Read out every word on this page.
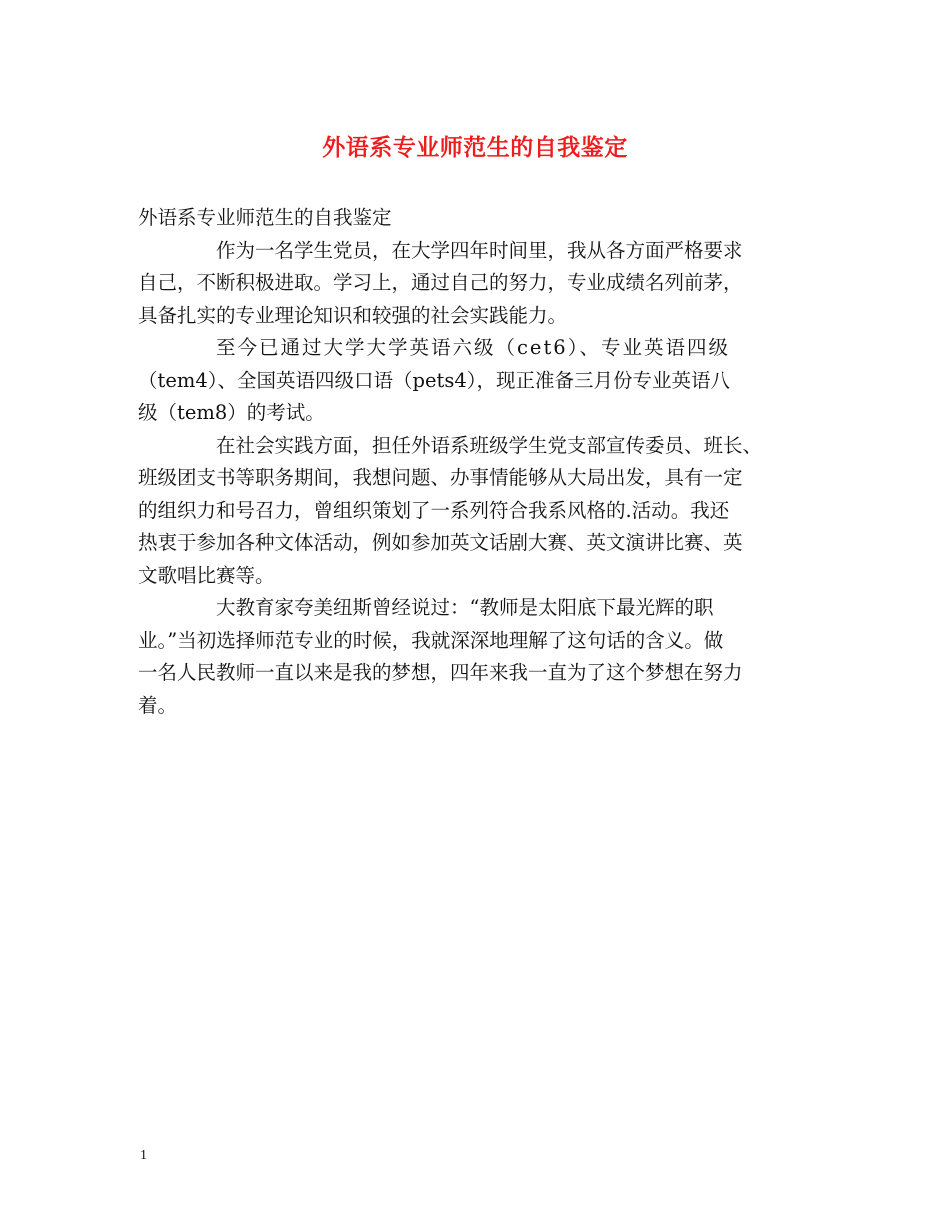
外语系专业师范生的自我鉴定
外语系专业师范生的自我鉴定
作为一名学生党员，在大学四年时间里，我从各方面严格要求
自己，不断积极进取。学习上，通过自己的努力，专业成绩名列前茅，
具备扎实的专业理论知识和较强的社会实践能力。
至今已通过大学大学英语六级（cet6）、专业英语四级
（tem4）、全国英语四级口语（pets4），现正准备三月份专业英语八
级（tem8）的考试。
在社会实践方面，担任外语系班级学生党支部宣传委员、班长、
班级团支书等职务期间，我想问题、办事情能够从大局出发，具有一定
的组织力和号召力，曾组织策划了一系列符合我系风格的.活动。我还
热衷于参加各种文体活动，例如参加英文话剧大赛、英文演讲比赛、英
文歌唱比赛等。
大教育家夸美纽斯曾经说过：“教师是太阳底下最光辉的职
业。”当初选择师范专业的时候，我就深深地理解了这句话的含义。做
一名人民教师一直以来是我的梦想，四年来我一直为了这个梦想在努力
着。
1
